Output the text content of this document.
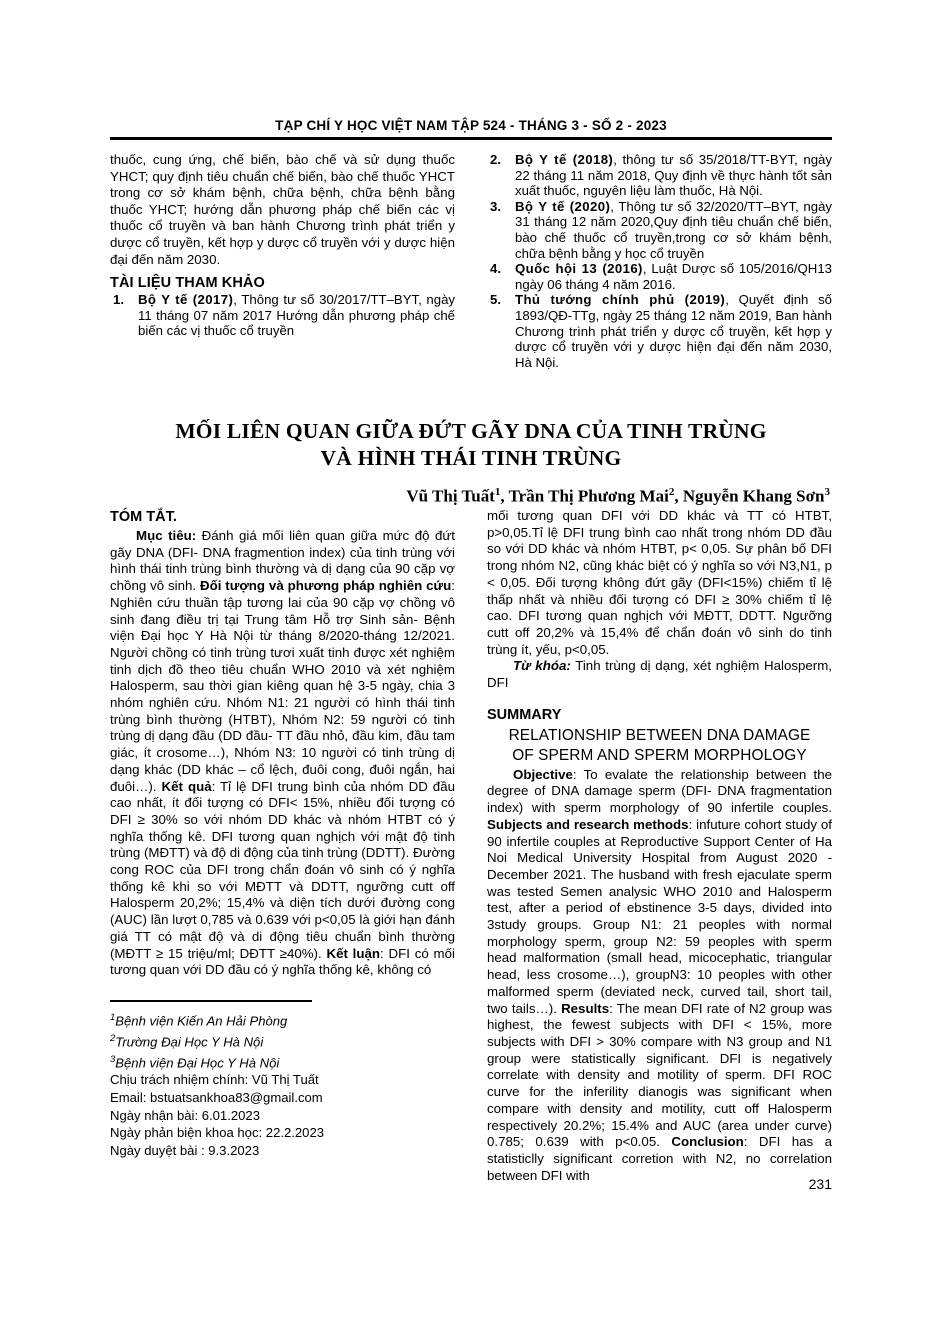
TẠP CHÍ Y HỌC VIỆT NAM TẬP 524 - THÁNG 3 - SỐ 2 - 2023

thuốc, cung ứng, chế biến, bào chế và sử dụng thuốc YHCT; quy định tiêu chuẩn chế biến, bào chế thuốc YHCT trong cơ sở khám bệnh, chữa bệnh, chữa bệnh bằng thuốc YHCT; hướng dẫn phương pháp chế biến các vị thuốc cổ truyền và ban hành Chương trình phát triển y dược cổ truyền, kết hợp y dược cổ truyền với y dược hiện đại đến năm 2030.

TÀI LIỆU THAM KHẢO
1.	Bộ Y tế (2017), Thông tư số 30/2017/TT–BYT, ngày 11 tháng 07 năm 2017 Hướng dẫn phương pháp chế biến các vị thuốc cổ truyền
2.	Bộ Y tế (2018), thông tư số 35/2018/TT-BYT, ngày 22 tháng 11 năm 2018, Quy định về thực hành tốt sản xuất thuốc, nguyên liệu làm thuốc, Hà Nội.
3.	Bộ Y tế (2020), Thông tư số 32/2020/TT–BYT, ngày 31 tháng 12 năm 2020,Quy định tiêu chuẩn chế biến, bào chế thuốc cổ truyền,trong cơ sở khám bệnh, chữa bệnh bằng y học cổ truyền
4.	Quốc hội 13 (2016), Luật Dược số 105/2016/QH13 ngày 06 tháng 4 năm 2016.
5.	Thủ tướng chính phủ (2019), Quyết định số 1893/QĐ-TTg, ngày 25 tháng 12 năm 2019, Ban hành Chương trình phát triển y dược cổ truyền, kết hợp y dược cổ truyền với y dược hiện đại đến năm 2030, Hà Nội.
MỐI LIÊN QUAN GIỮA ĐỨT GÃY DNA CỦA TINH TRÙNG
VÀ HÌNH THÁI TINH TRÙNG
Vũ Thị Tuất$^1$, Trần Thị Phương Mai$^2$, Nguyễn Khang Sơn$^3$
TÓM TẮT.

Mục tiêu: Đánh giá mối liên quan giữa mức độ đứt gãy DNA (DFI- DNA fragmention index) của tinh trùng với hình thái tinh trùng bình thường và dị dạng của 90 cặp vợ chồng vô sinh. Đối tượng và phương pháp nghiên cứu: Nghiên cứu thuần tập tương lai của 90 cặp vợ chồng vô sinh đang điều trị tại Trung tâm Hỗ trợ Sinh sản- Bệnh viện Đại học Y Hà Nội từ tháng 8/2020-tháng 12/2021. Người chồng có tinh trùng tươi xuất tinh được xét nghiệm tinh dịch đồ theo tiêu chuẩn WHO 2010 và xét nghiệm Halosperm, sau thời gian kiêng quan hệ 3-5 ngày, chia 3 nhóm nghiên cứu. Nhóm N1: 21 người có hình thái tinh trùng bình thường (HTBT), Nhóm N2: 59 người có tinh trùng dị dạng đầu (DD đầu- TT đầu nhỏ, đầu kim, đầu tam giác, ít crosome…), Nhóm N3: 10 người có tinh trùng dị dạng khác (DD khác – cổ lệch, đuôi cong, đuôi ngắn, hai đuôi…). Kết quả: Tỉ lệ DFI trung bình của nhóm DD đầu cao nhất, ít đối tượng có DFI< 15%, nhiều đối tượng có DFI ≥ 30% so với nhóm DD khác và nhóm HTBT có ý nghĩa thống kê. DFI tương quan nghịch với mật độ tinh trùng (MĐTT) và độ di động của tinh trùng (DDTT). Đường cong ROC của DFI trong chẩn đoán vô sinh có ý nghĩa thống kê khi so với MĐTT và DDTT, ngưỡng cutt off Halosperm 20,2%; 15,4% và diện tích dưới đường cong (AUC) lần lượt 0,785 và 0.639 với p<0,05 là giới hạn đánh giá TT có mật độ và di động tiêu chuẩn bình thường (MĐTT ≥ 15 triệu/ml; DĐTT ≥40%). Kết luận: DFI có mối tương quan với DD đầu có ý nghĩa thống kê, không có

mối tương quan DFI với DD khác và TT có HTBT, p>0,05.Tỉ lệ DFI trung bình cao nhất trong nhóm DD đầu so với DD khác và nhóm HTBT, p< 0,05. Sự phân bố DFI trong nhóm N2, cũng khác biệt có ý nghĩa so với N3,N1, p < 0,05. Đối tượng không đứt gãy (DFI<15%) chiếm tỉ lệ thấp nhất và nhiều đối tượng có DFI ≥ 30% chiếm tỉ lệ cao. DFI tương quan nghịch với MĐTT, DDTT. Ngưỡng cutt off 20,2% và 15,4% để chẩn đoán vô sinh do tinh trùng ít, yếu, p<0,05.

Từ khóa: Tinh trùng dị dạng, xét nghiệm Halosperm, DFI

SUMMARY
RELATIONSHIP BETWEEN DNA DAMAGE
OF SPERM AND SPERM MORPHOLOGY

Objective: To evalate the relationship between the degree of DNA damage sperm (DFI- DNA fragmentation index) with sperm morphology of 90 infertile couples. Subjects and research methods: infuture cohort study of 90 infertile couples at Reproductive Support Center of Ha Noi Medical University Hospital from August 2020 - December 2021. The husband with fresh ejaculate sperm was tested Semen analysic WHO 2010 and Halosperm test, after a period of ebstinence 3-5 days, divided into 3study groups. Group N1: 21 peoples with normal morphology sperm, group N2: 59 peoples with sperm head malformation (small head, micocephatic, triangular head, less crosome…), groupN3: 10 peoples with other malformed sperm (deviated neck, curved tail, short tail, two tails…). Results: The mean DFI rate of N2 group was highest, the fewest subjects with DFI < 15%, more subjects with DFI > 30% compare with N3 group and N1 group were statistically significant. DFI is negatively correlate with density and motility of sperm. DFI ROC curve for the inferility dianogis was significant when compare with density and motility, cutt off Halosperm respectively 20.2%; 15.4% and AUC (area under curve) 0.785; 0.639 with p<0.05. Conclusion: DFI has a statisticlly significant corretion with N2, no correlation between DFI with

$^1$Bệnh viện Kiến An Hải Phòng

$^2$Trường Đại Học Y Hà Nội

$^3$Bệnh viện Đại Học Y Hà Nội

Chịu trách nhiệm chính: Vũ Thị Tuất

Email: bstuatsankhoa83@gmail.com

Ngày nhận bài: 6.01.2023

Ngày phản biện khoa học: 22.2.2023

Ngày duyệt bài : 9.3.2023

231
